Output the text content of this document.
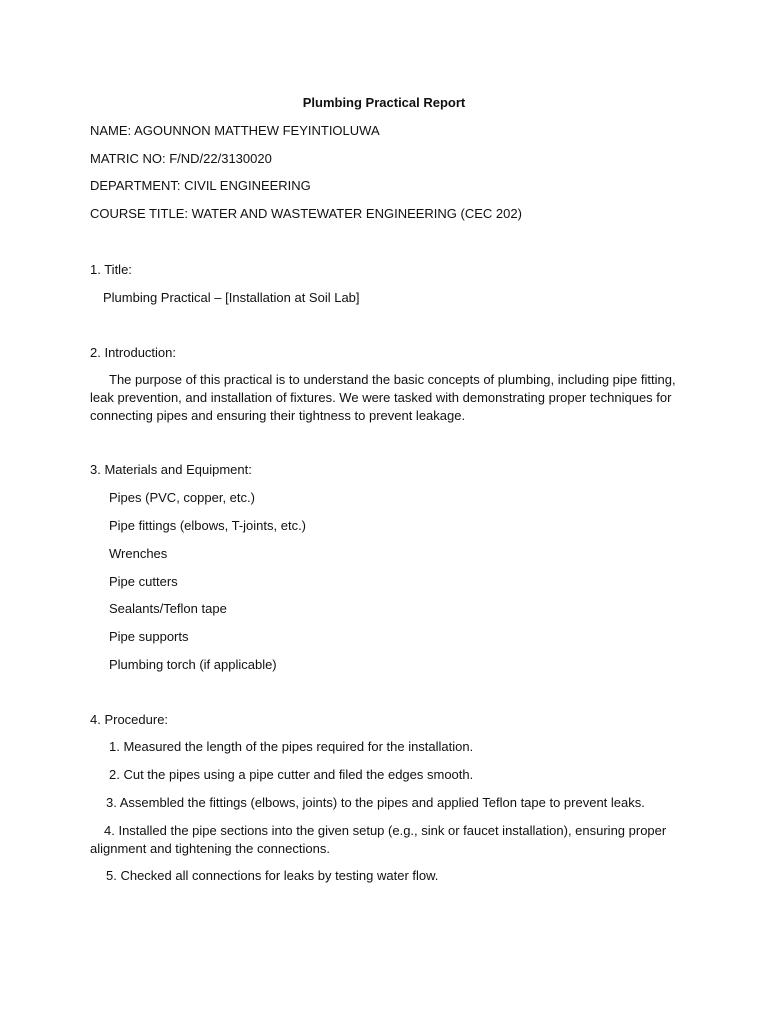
Plumbing Practical Report
NAME: AGOUNNON MATTHEW FEYINTIOLUWA
MATRIC NO: F/ND/22/3130020
DEPARTMENT: CIVIL ENGINEERING
COURSE TITLE: WATER AND WASTEWATER ENGINEERING (CEC 202)
1. Title:
Plumbing Practical – [Installation at Soil Lab]
2. Introduction:
The purpose of this practical is to understand the basic concepts of plumbing, including pipe fitting, leak prevention, and installation of fixtures. We were tasked with demonstrating proper techniques for connecting pipes and ensuring their tightness to prevent leakage.
3. Materials and Equipment:
Pipes (PVC, copper, etc.)
Pipe fittings (elbows, T-joints, etc.)
Wrenches
Pipe cutters
Sealants/Teflon tape
Pipe supports
Plumbing torch (if applicable)
4. Procedure:
1. Measured the length of the pipes required for the installation.
2. Cut the pipes using a pipe cutter and filed the edges smooth.
3. Assembled the fittings (elbows, joints) to the pipes and applied Teflon tape to prevent leaks.
4. Installed the pipe sections into the given setup (e.g., sink or faucet installation), ensuring proper alignment and tightening the connections.
5. Checked all connections for leaks by testing water flow.
